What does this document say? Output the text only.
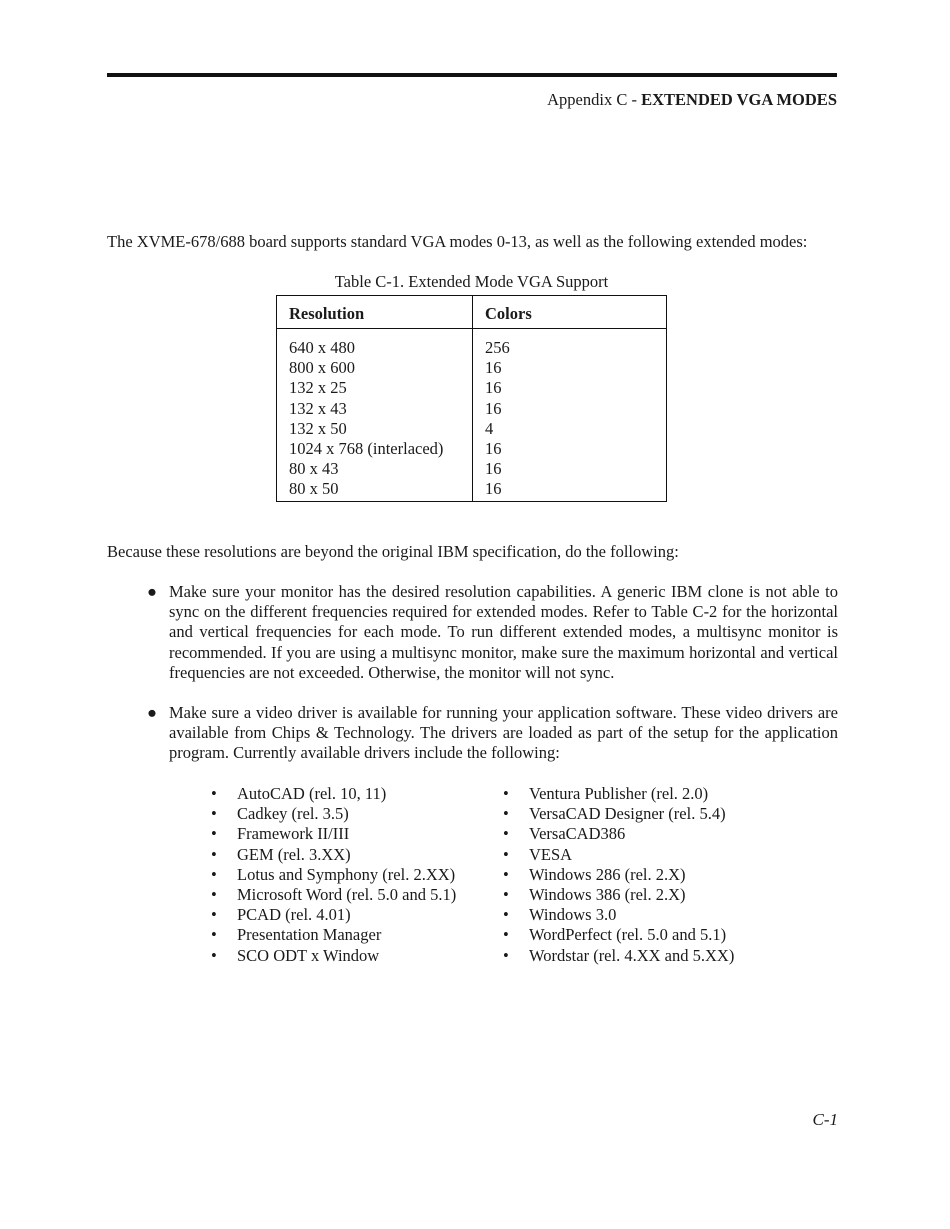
Appendix C - EXTENDED VGA MODES
The XVME-678/688 board supports standard VGA modes 0-13, as well as the following extended modes:
Table C-1. Extended Mode VGA Support
Resolution	Colors
640 x 480	256
800 x 600	16
132 x 25	16
132 x 43	16
132 x 50	4
1024 x 768 (interlaced)	16
80 x 43	16
80 x 50	16
Because these resolutions are beyond the original IBM specification, do the following:
● Make sure your monitor has the desired resolution capabilities. A generic IBM clone is not able to sync on the different frequencies required for extended modes. Refer to Table C-2 for the horizontal and vertical frequencies for each mode. To run different extended modes, a multisync monitor is recommended. If you are using a multisync monitor, make sure the maximum horizontal and vertical frequencies are not exceeded. Otherwise, the monitor will not sync.
● Make sure a video driver is available for running your application software. These video drivers are available from Chips & Technology. The drivers are loaded as part of the setup for the application program. Currently available drivers include the following:
• AutoCAD (rel. 10, 11)
• Cadkey (rel. 3.5)
• Framework II/III
• GEM (rel. 3.XX)
• Lotus and Symphony (rel. 2.XX)
• Microsoft Word (rel. 5.0 and 5.1)
• PCAD (rel. 4.01)
• Presentation Manager
• SCO ODT x Window
• Ventura Publisher (rel. 2.0)
• VersaCAD Designer (rel. 5.4)
• VersaCAD386
• VESA
• Windows 286 (rel. 2.X)
• Windows 386 (rel. 2.X)
• Windows 3.0
• WordPerfect (rel. 5.0 and 5.1)
• Wordstar (rel. 4.XX and 5.XX)
C-1
